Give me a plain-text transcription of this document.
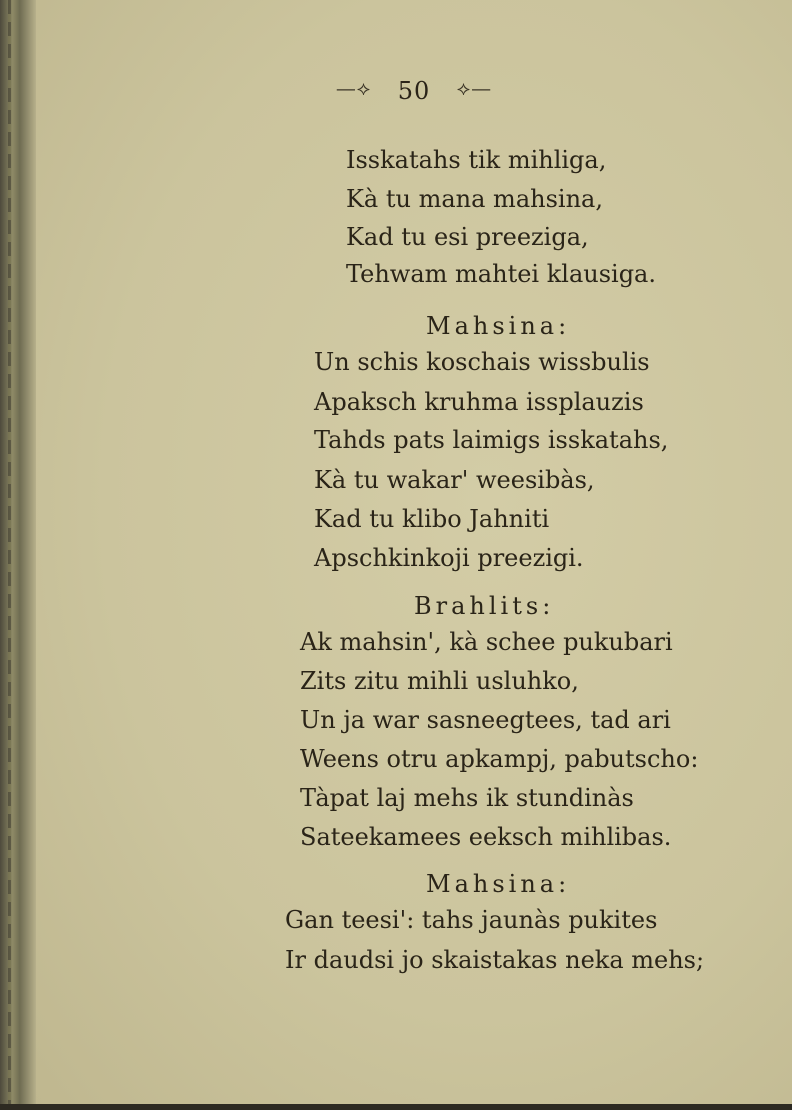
—⟡ 50 ⟡—
Isskatahs tik mihliga,
Kà tu mana mahsina,
Kad tu esi preeziga,
Tehwam mahtei klausiga.
Mahsina:
Un schis koschais wissbulis
Apaksch kruhma issplauzis
Tahds pats laimigs isskatahs,
Kà tu wakar' weesibàs,
Kad tu klibo Jahniti
Apschkinkoji preezigi.
Brahlits:
Ak mahsin', kà schee pukubari
Zits zitu mihli usluhko,
Un ja war sasneegtees, tad ari
Weens otru apkampj, pabutscho:
Tàpat laj mehs ik stundinàs
Sateekamees eeksch mihlibas.
Mahsina:
Gan teesi': tahs jaunàs pukites
Ir daudsi jo skaistakas neka mehs;
